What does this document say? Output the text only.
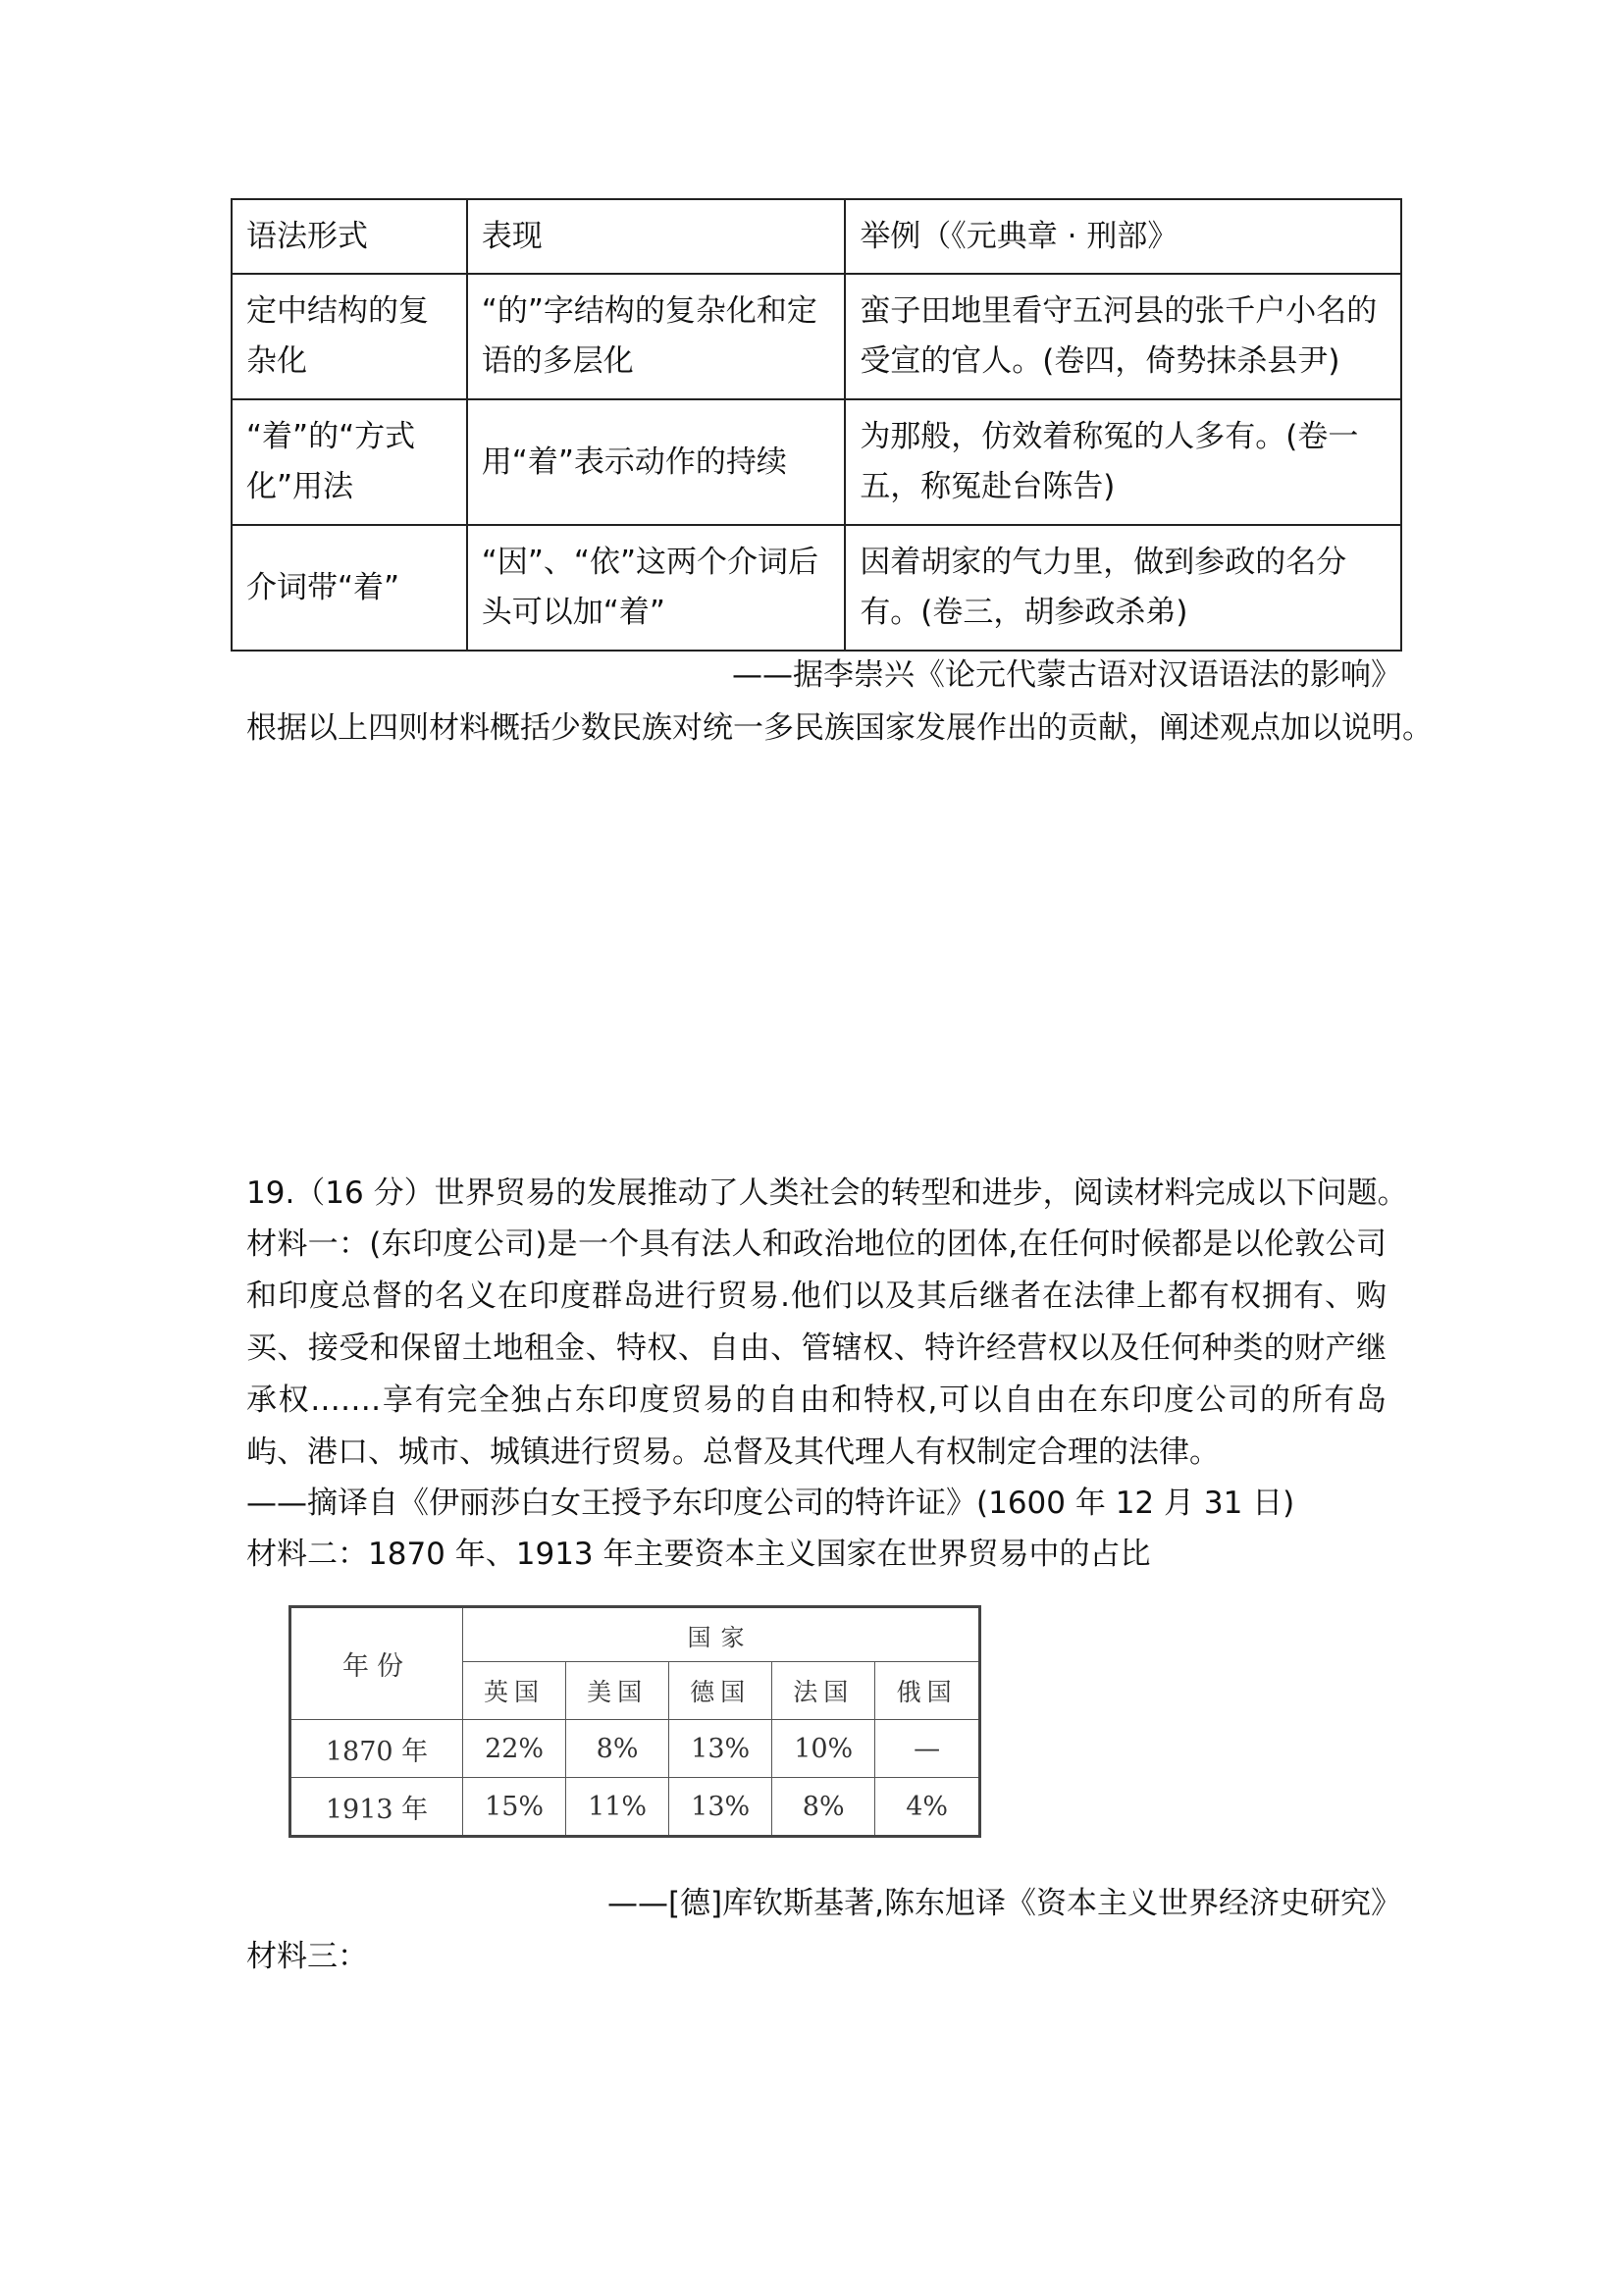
语法形式	表现	举例（《元典章 · 刑部》
定中结构的复杂化	“的”字结构的复杂化和定语的多层化	蛮子田地里看守五河县的张千户小名的受宣的官人。(卷四，倚势抹杀县尹)
“着”的“方式化”用法	用“着”表示动作的持续	为那般，仿效着称冤的人多有。(卷一五，称冤赴台陈告)
介词带“着”	“因”、“依”这两个介词后头可以加“着”	因着胡家的气力里，做到参政的名分有。(卷三，胡参政杀弟)
——据李崇兴《论元代蒙古语对汉语语法的影响》
根据以上四则材料概括少数民族对统一多民族国家发展作出的贡献，阐述观点加以说明。
19.（16 分）世界贸易的发展推动了人类社会的转型和进步，阅读材料完成以下问题。
材料一：(东印度公司)是一个具有法人和政治地位的团体,在任何时候都是以伦敦公司和印度总督的名义在印度群岛进行贸易.他们以及其后继者在法律上都有权拥有、购买、接受和保留土地租金、特权、自由、管辖权、特许经营权以及任何种类的财产继承权.……享有完全独占东印度贸易的自由和特权,可以自由在东印度公司的所有岛屿、港口、城市、城镇进行贸易。总督及其代理人有权制定合理的法律。
——摘译自《伊丽莎白女王授予东印度公司的特许证》(1600 年 12 月 31 日)
材料二：1870 年、1913 年主要资本主义国家在世界贸易中的占比
年份	国家				
	英国	美国	德国	法国	俄国
1870 年	22%	8%	13%	10%	—
1913 年	15%	11%	13%	8%	4%
——[德]库钦斯基著,陈东旭译《资本主义世界经济史研究》
材料三：
